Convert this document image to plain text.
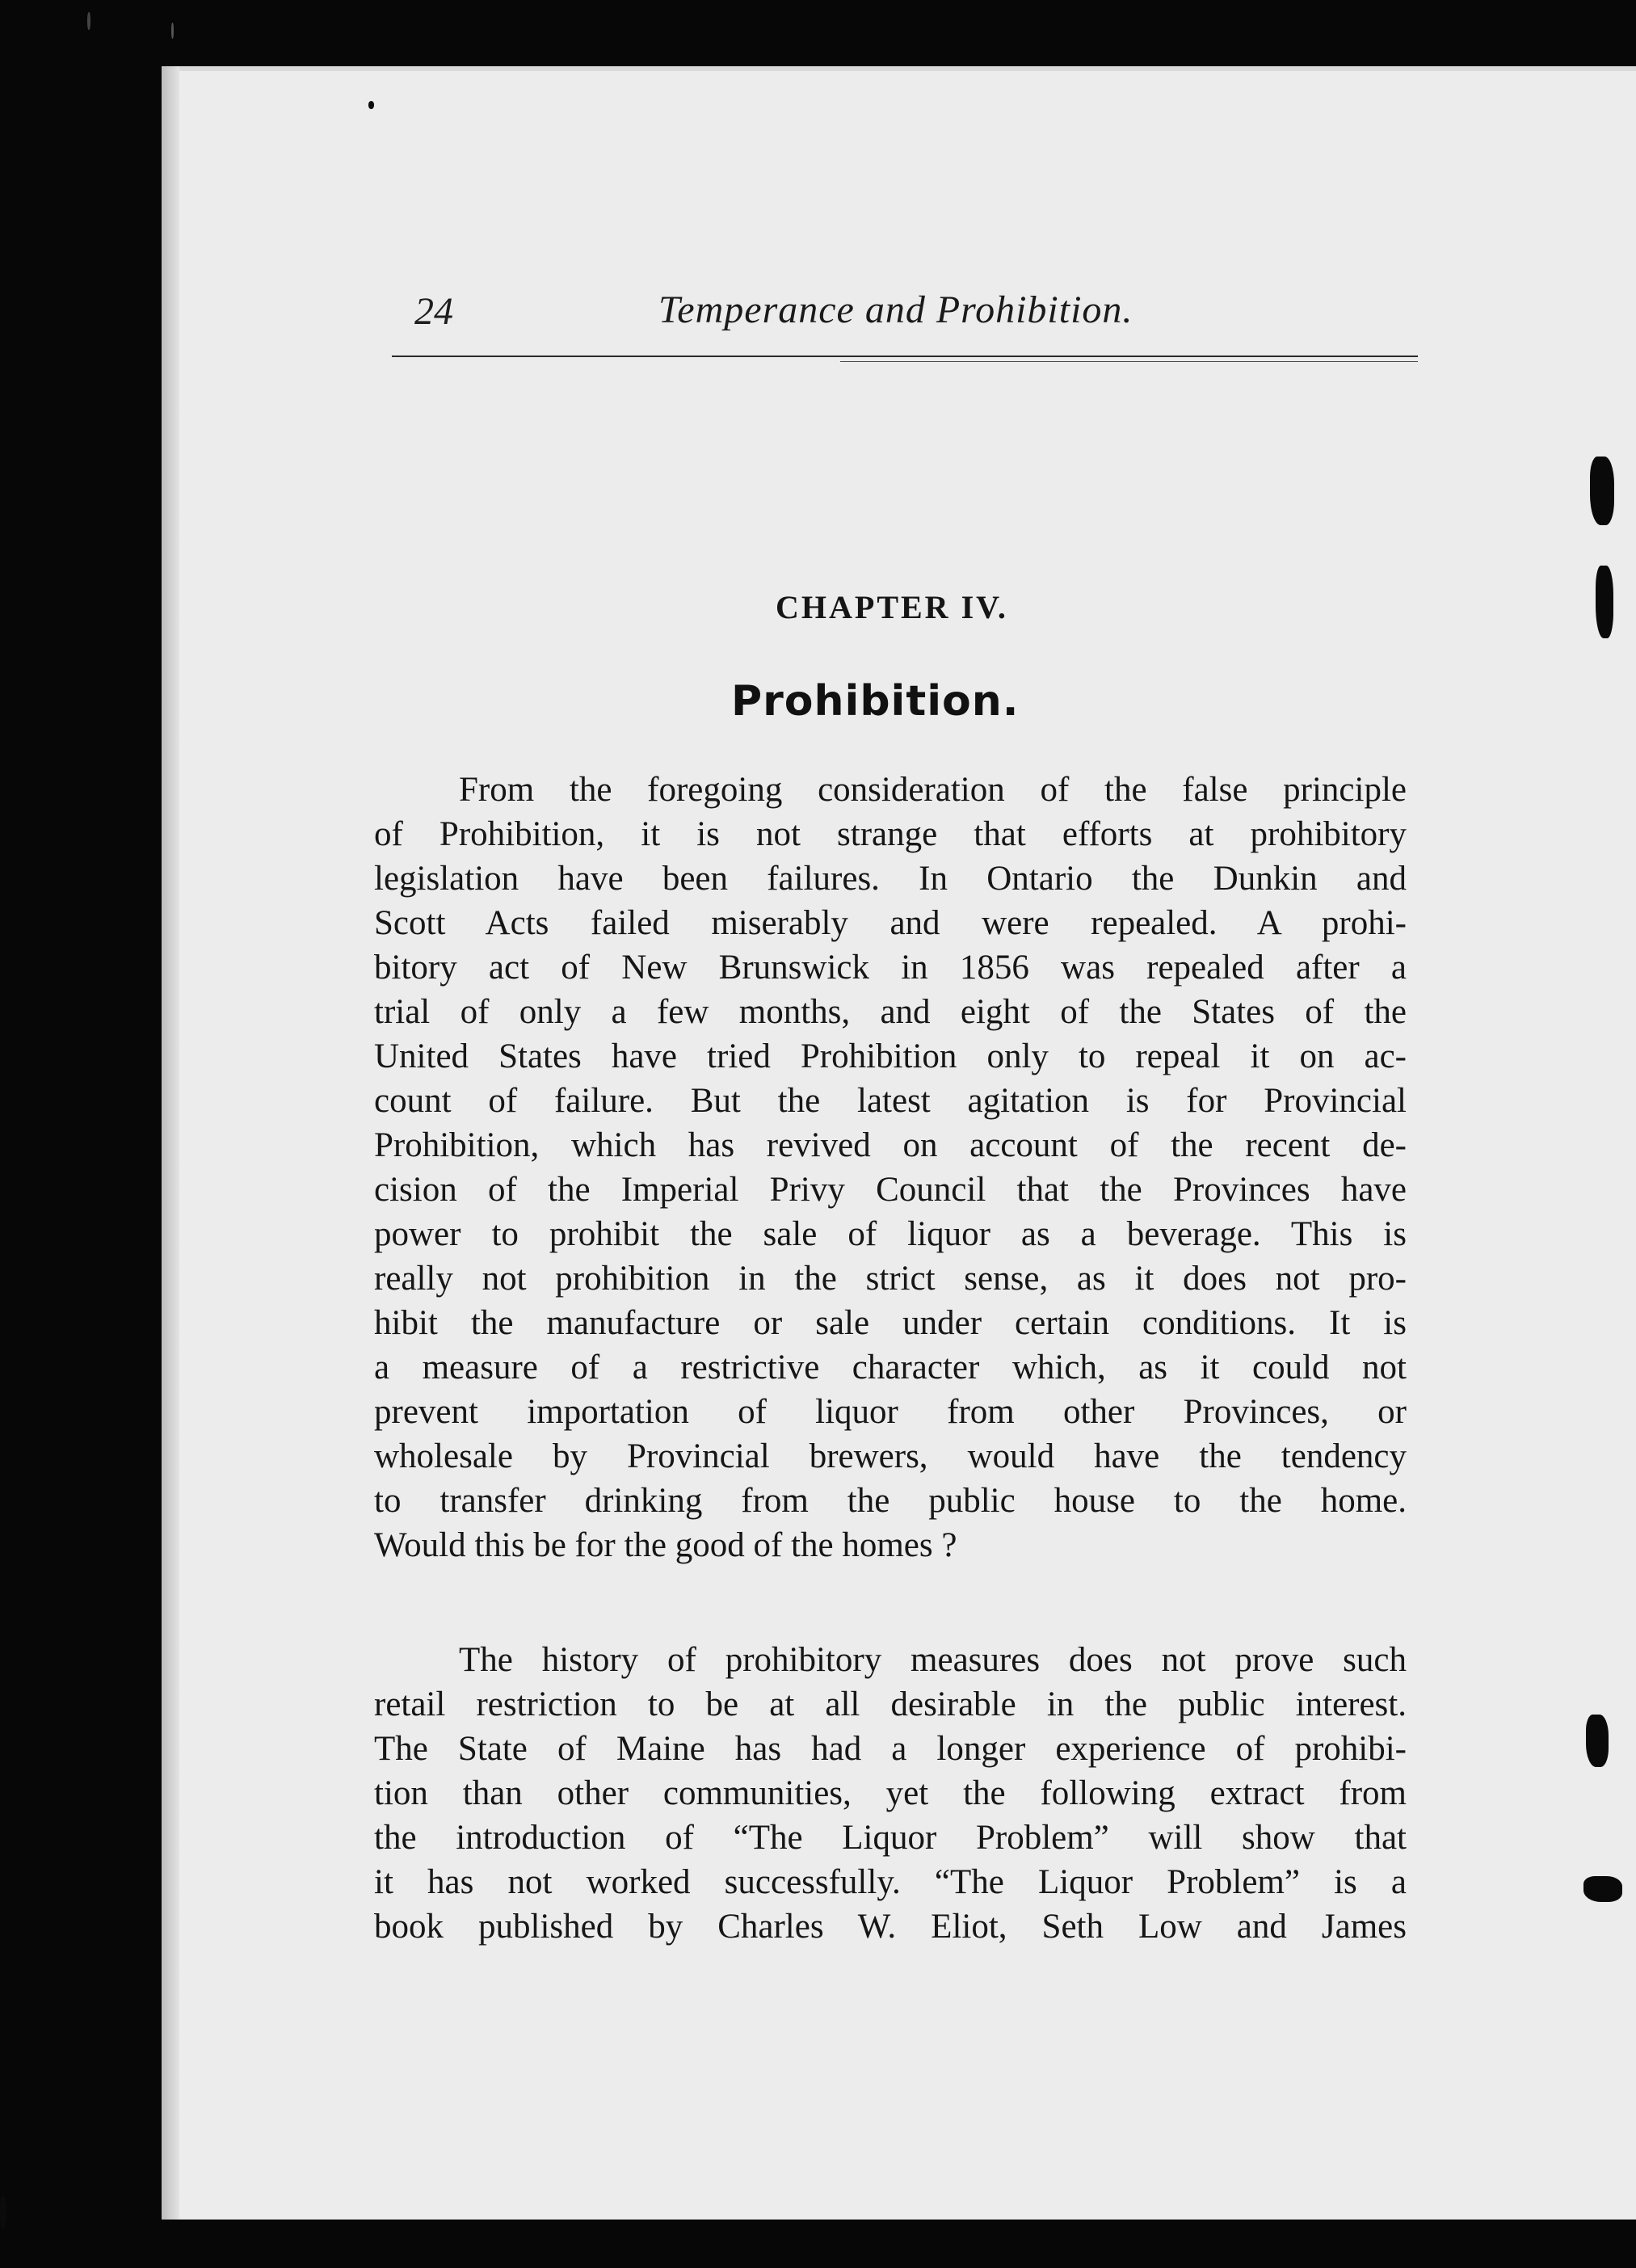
24	Temperance and Prohibition.
CHAPTER IV.
Prohibition.
From the foregoing consideration of the false principle
of Prohibition, it is not strange that efforts at prohibitory
legislation have been failures. In Ontario the Dunkin and
Scott Acts failed miserably and were repealed. A prohi-
bitory act of New Brunswick in 1856 was repealed after a
trial of only a few months, and eight of the States of the
United States have tried Prohibition only to repeal it on ac-
count of failure. But the latest agitation is for Provincial
Prohibition, which has revived on account of the recent de-
cision of the Imperial Privy Council that the Provinces have
power to prohibit the sale of liquor as a beverage. This is
really not prohibition in the strict sense, as it does not pro-
hibit the manufacture or sale under certain conditions. It is
a measure of a restrictive character which, as it could not
prevent importation of liquor from other Provinces, or
wholesale by Provincial brewers, would have the tendency
to transfer drinking from the public house to the home.
Would this be for the good of the homes ?
The history of prohibitory measures does not prove such
retail restriction to be at all desirable in the public interest.
The State of Maine has had a longer experience of prohibi-
tion than other communities, yet the following extract from
the introduction of “The Liquor Problem” will show that
it has not worked successfully. “The Liquor Problem” is a
book published by Charles W. Eliot, Seth Low and James
